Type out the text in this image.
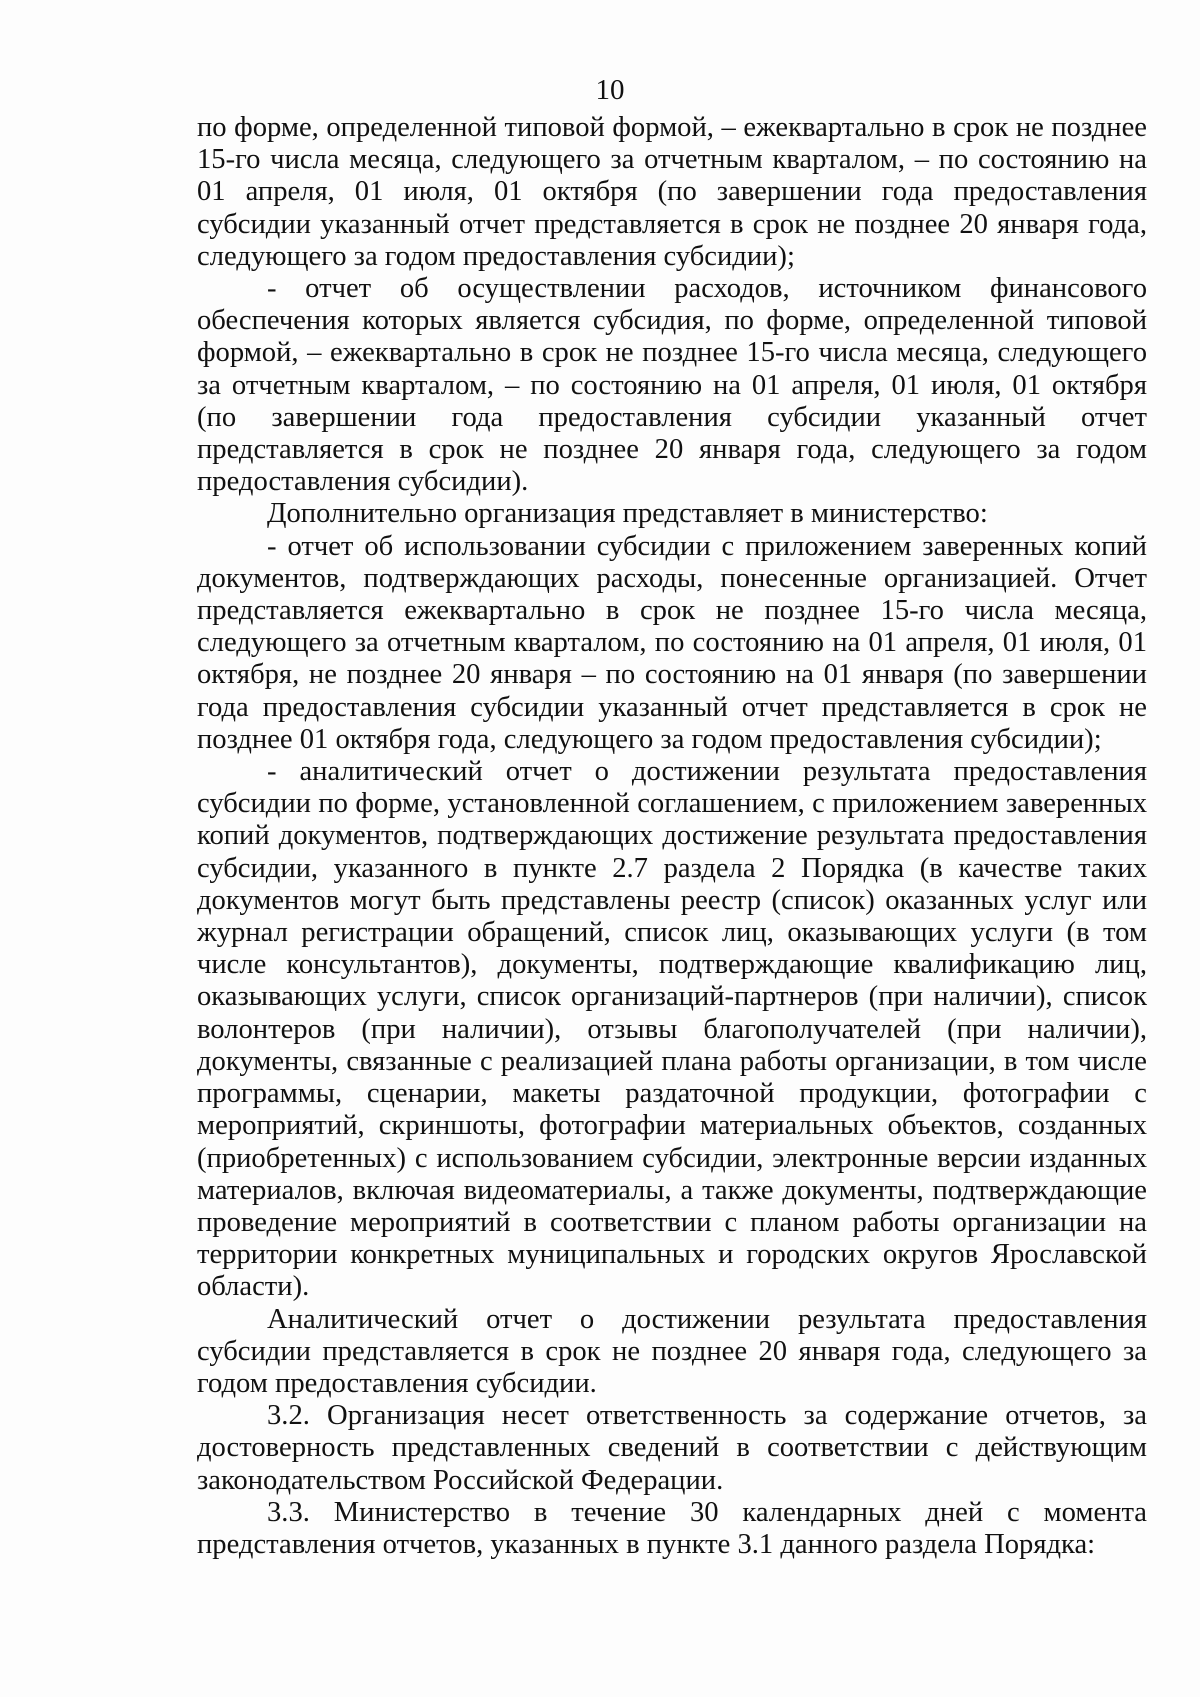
10

по форме, определенной типовой формой, – ежеквартально в срок не позднее 15-го числа месяца, следующего за отчетным кварталом, – по состоянию на 01 апреля, 01 июля, 01 октября (по завершении года предоставления субсидии указанный отчет представляется в срок не позднее 20 января года, следующего за годом предоставления субсидии);

- отчет об осуществлении расходов, источником финансового обеспечения которых является субсидия, по форме, определенной типовой формой, – ежеквартально в срок не позднее 15-го числа месяца, следующего за отчетным кварталом, – по состоянию на 01 апреля, 01 июля, 01 октября (по завершении года предоставления субсидии указанный отчет представляется в срок не позднее 20 января года, следующего за годом предоставления субсидии).

Дополнительно организация представляет в министерство:

- отчет об использовании субсидии с приложением заверенных копий документов, подтверждающих расходы, понесенные организацией. Отчет представляется ежеквартально в срок не позднее 15-го числа месяца, следующего за отчетным кварталом, по состоянию на 01 апреля, 01 июля, 01 октября, не позднее 20 января – по состоянию на 01 января (по завершении года предоставления субсидии указанный отчет представляется в срок не позднее 01 октября года, следующего за годом предоставления субсидии);

- аналитический отчет о достижении результата предоставления субсидии по форме, установленной соглашением, с приложением заверенных копий документов, подтверждающих достижение результата предоставления субсидии, указанного в пункте 2.7 раздела 2 Порядка (в качестве таких документов могут быть представлены реестр (список) оказанных услуг или журнал регистрации обращений, список лиц, оказывающих услуги (в том числе консультантов), документы, подтверждающие квалификацию лиц, оказывающих услуги, список организаций-партнеров (при наличии), список волонтеров (при наличии), отзывы благополучателей (при наличии), документы, связанные с реализацией плана работы организации, в том числе программы, сценарии, макеты раздаточной продукции, фотографии с мероприятий, скриншоты, фотографии материальных объектов, созданных (приобретенных) с использованием субсидии, электронные версии изданных материалов, включая видеоматериалы, а также документы, подтверждающие проведение мероприятий в соответствии с планом работы организации на территории конкретных муниципальных и городских округов Ярославской области).

Аналитический отчет о достижении результата предоставления субсидии представляется в срок не позднее 20 января года, следующего за годом предоставления субсидии.

3.2. Организация несет ответственность за содержание отчетов, за достоверность представленных сведений в соответствии с действующим законодательством Российской Федерации.

3.3. Министерство в течение 30 календарных дней с момента представления отчетов, указанных в пункте 3.1 данного раздела Порядка:
